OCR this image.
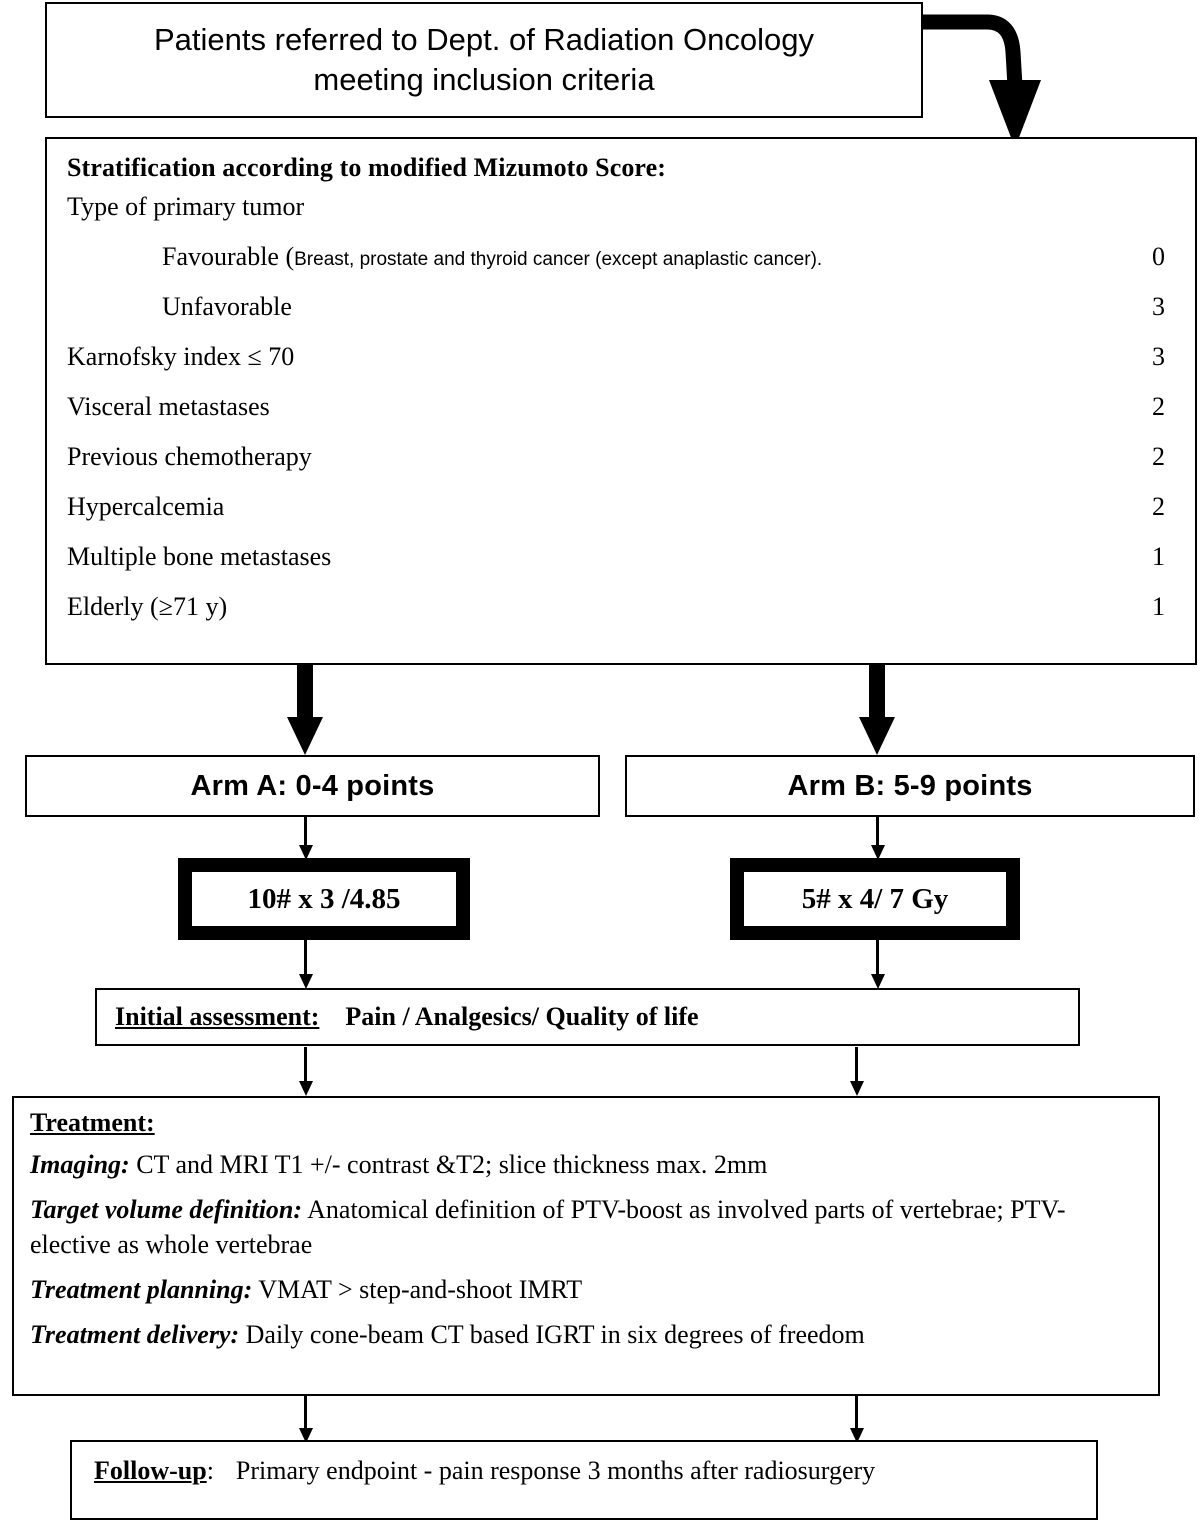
Patients referred to Dept. of Radiation Oncology
meeting inclusion criteria
Stratification according to modified Mizumoto Score:
Type of primary tumor
Favourable (Breast, prostate and thyroid cancer (except anaplastic cancer).	0
Unfavorable	3
Karnofsky index ≤ 70	3
Visceral metastases	2
Previous chemotherapy	2
Hypercalcemia	2
Multiple bone metastases	1
Elderly (≥71 y)	1
Arm A: 0-4 points	Arm B: 5-9 points
10# x 3 /4.85	5# x 4/ 7 Gy
Initial assessment: Pain / Analgesics/ Quality of life
Treatment:
Imaging: CT and MRI T1 +/- contrast &T2; slice thickness max. 2mm
Target volume definition: Anatomical definition of PTV-boost as involved parts of vertebrae; PTV-elective as whole vertebrae
Treatment planning: VMAT > step-and-shoot IMRT
Treatment delivery: Daily cone-beam CT based IGRT in six degrees of freedom
Follow-up: Primary endpoint - pain response 3 months after radiosurgery
